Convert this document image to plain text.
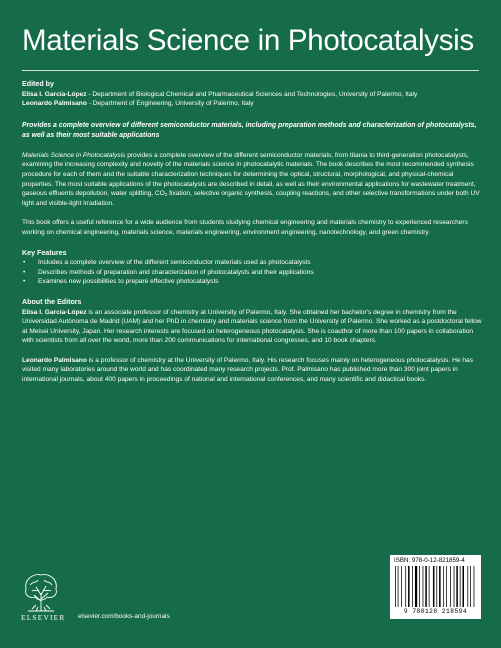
Materials Science in Photocatalysis
Edited by
Elisa I. García-López - Department of Biological Chemical and Pharmaceutical Sciences and Technologies, University of Palermo, Italy
Leonardo Palmisano - Department of Engineering, University of Palermo, Italy
Provides a complete overview of different semiconductor materials, including preparation methods and characterization of photocatalysts, as well as their most suitable applications
Materials Science in Photocatalysis provides a complete overview of the different semiconductor materials, from titania to third-generation photocatalysts, examining the increasing complexity and novelty of the materials science in photocatalytic materials. The book describes the most recommended synthesis procedure for each of them and the suitable characterization techniques for determining the optical, structural, morphological, and physical-chemical properties. The most suitable applications of the photocatalysts are described in detail, as well as their environmental applications for wastewater treatment, gaseous effluents depollution, water splitting, $CO_2$ fixation, selective organic synthesis, coupling reactions, and other selective transformations under both UV light and visible-light irradiation.
This book offers a useful reference for a wide audience from students studying chemical engineering and materials chemistry to experienced researchers working on chemical engineering, materials science, materials engineering, environment engineering, nanotechnology, and green chemistry.
Key Features
• Includes a complete overview of the different semiconductor materials used as photocatalysts
• Describes methods of preparation and characterization of photocatalysts and their applications
• Examines new possibilities to prepare effective photocatalysts
About the Editors
Elisa I. García-López is an associate professor of chemistry at University of Palermo, Italy. She obtained her bachelor's degree in chemistry from the Universidad Autónoma de Madrid (UAM) and her PhD in chemistry and materials science from the University of Palermo. She worked as a postdoctoral fellow at Meisei University, Japan. Her research interests are focused on heterogeneous photocatalysis. She is coauthor of more than 100 papers in collaboration with scientists from all over the world, more than 200 communications for international congresses, and 10 book chapters.
Leonardo Palmisano is a professor of chemistry at the University of Palermo, Italy. His research focuses mainly on heterogeneous photocatalysis. He has visited many laboratories around the world and has coordinated many research projects. Prof. Palmisano has published more than 300 joint papers in international journals, about 400 papers in proceedings of national and international conferences, and many scientific and didactical books.
ELSEVIER elsevier.com/books-and-journals
ISBN: 978-0-12-821859-4
9 780128 218594
